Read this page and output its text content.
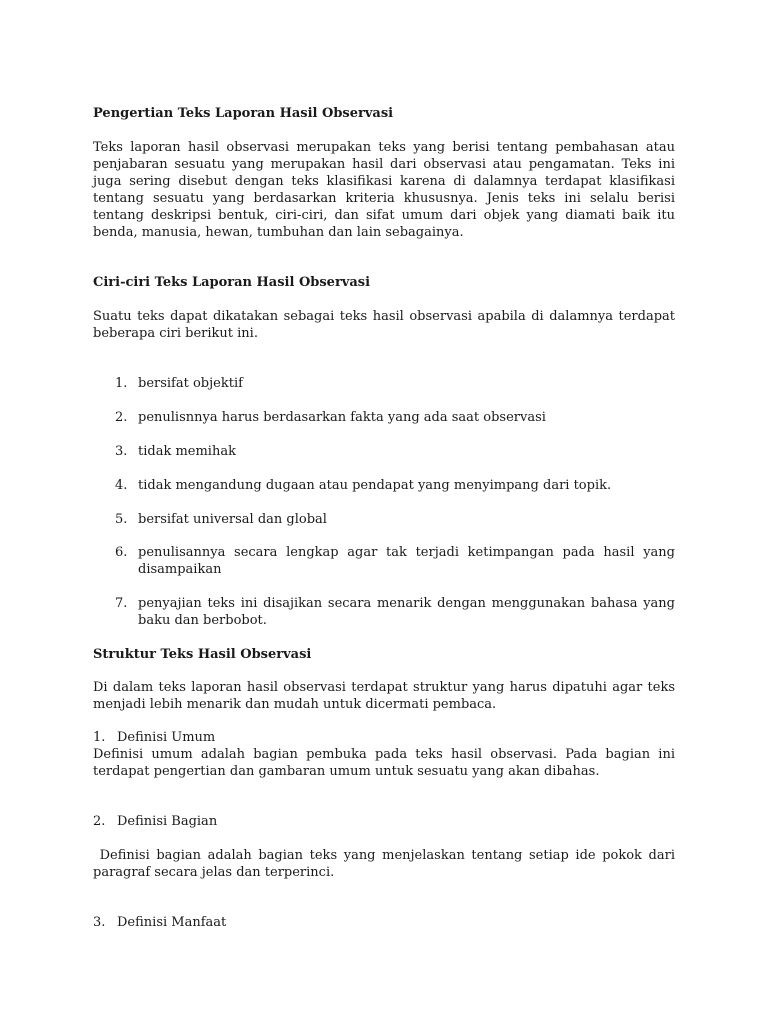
Pengertian Teks Laporan Hasil Observasi

Teks laporan hasil observasi merupakan teks yang berisi tentang pembahasan atau penjabaran sesuatu yang merupakan hasil dari observasi atau pengamatan. Teks ini juga sering disebut dengan teks klasifikasi karena di dalamnya terdapat klasifikasi tentang sesuatu yang berdasarkan kriteria khususnya. Jenis teks ini selalu berisi tentang deskripsi bentuk, ciri-ciri, dan sifat umum dari objek yang diamati baik itu benda, manusia, hewan, tumbuhan dan lain sebagainya.

Ciri-ciri Teks Laporan Hasil Observasi

Suatu teks dapat dikatakan sebagai teks hasil observasi apabila di dalamnya terdapat beberapa ciri berikut ini.

1. bersifat objektif
2. penulisnnya harus berdasarkan fakta yang ada saat observasi
3. tidak memihak
4. tidak mengandung dugaan atau pendapat yang menyimpang dari topik.
5. bersifat universal dan global
6. penulisannya secara lengkap agar tak terjadi ketimpangan pada hasil yang disampaikan
7. penyajian teks ini disajikan secara menarik dengan menggunakan bahasa yang baku dan berbobot.

Struktur Teks Hasil Observasi

Di dalam teks laporan hasil observasi terdapat struktur yang harus dipatuhi agar teks menjadi lebih menarik dan mudah untuk dicermati pembaca.

1. Definisi Umum

Definisi umum adalah bagian pembuka pada teks hasil observasi. Pada bagian ini terdapat pengertian dan gambaran umum untuk sesuatu yang akan dibahas.

2. Definisi Bagian

Definisi bagian adalah bagian teks yang menjelaskan tentang setiap ide pokok dari paragraf secara jelas dan terperinci.

3. Definisi Manfaat
